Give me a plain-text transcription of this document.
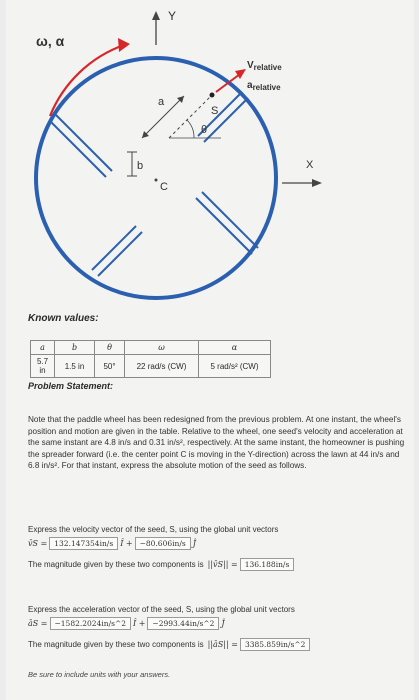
Y
X
ω, α
a
b
C
θ
S
$V_{relative}$
$a_{relative}$
Known values:
a	b	θ	ω	α
5.7 in	1.5 in	50°	22 rad/s (CW)	5 rad/s² (CW)
Problem Statement:
Note that the paddle wheel has been redesigned from the previous problem. At one instant, the wheel's position and motion are given in the table. Relative to the wheel, one seed's velocity and acceleration at the same instant are 4.8 in/s and 0.31 in/s², respectively. At the same instant, the homeowner is pushing the spreader forward (i.e. the center point C is moving in the Y-direction) across the lawn at 44 in/s and 6.8 in/s². For that instant, express the absolute motion of the seed as follows.
Express the velocity vector of the seed, S, using the global unit vectors
v̄S = 132.147354in/s Î + −80.606in/s Ĵ
The magnitude given by these two components is ||v̄S|| = 136.188in/s
Express the acceleration vector of the seed, S, using the global unit vectors
āS = −1582.2024in/s^2 Î + −2993.44in/s^2 Ĵ
The magnitude given by these two components is ||āS|| = 3385.859in/s^2
Be sure to include units with your answers.
